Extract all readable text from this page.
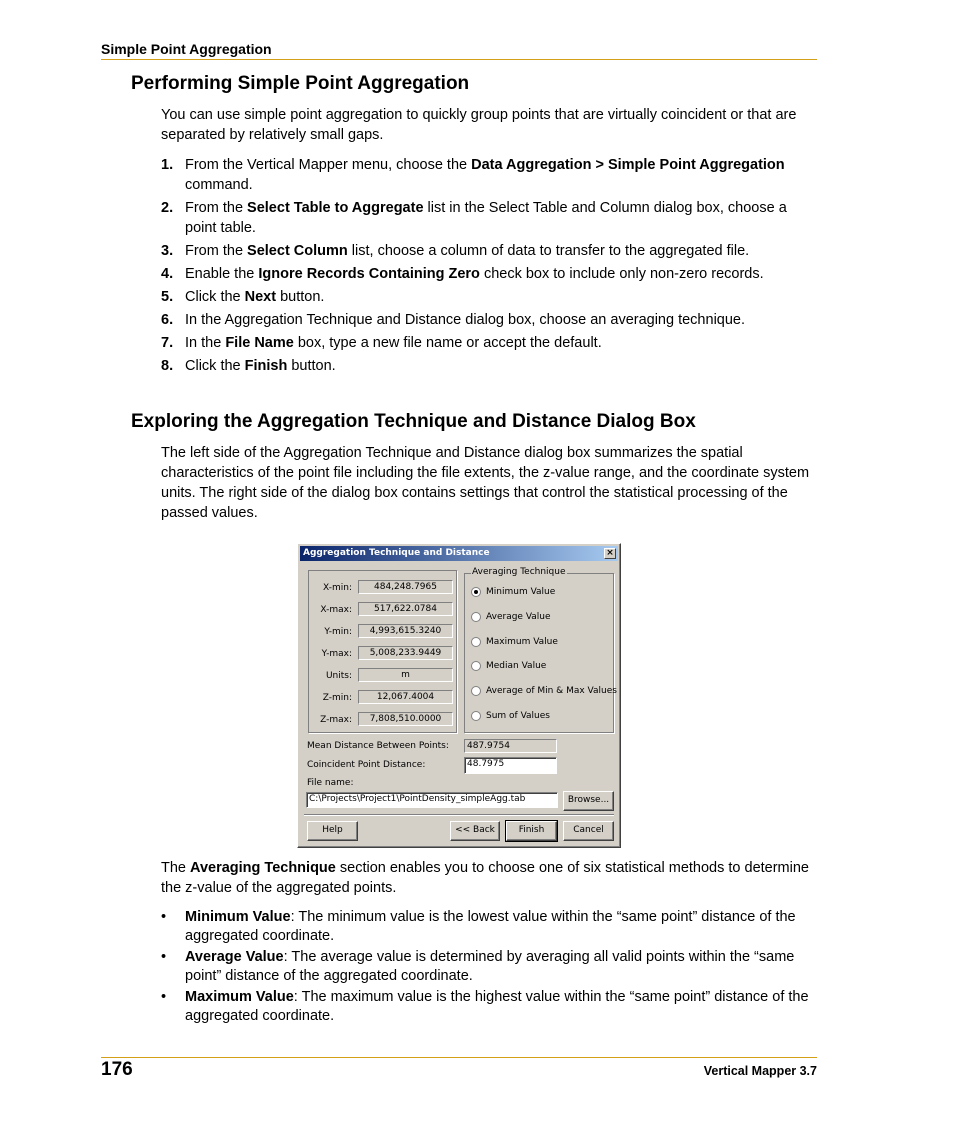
Simple Point Aggregation
Performing Simple Point Aggregation

You can use simple point aggregation to quickly group points that are virtually coincident or that are separated by relatively small gaps.

1. From the Vertical Mapper menu, choose the Data Aggregation > Simple Point Aggregation command.
2. From the Select Table to Aggregate list in the Select Table and Column dialog box, choose a point table.
3. From the Select Column list, choose a column of data to transfer to the aggregated file.
4. Enable the Ignore Records Containing Zero check box to include only non-zero records.
5. Click the Next button.
6. In the Aggregation Technique and Distance dialog box, choose an averaging technique.
7. In the File Name box, type a new file name or accept the default.
8. Click the Finish button.
Exploring the Aggregation Technique and Distance Dialog Box

The left side of the Aggregation Technique and Distance dialog box summarizes the spatial characteristics of the point file including the file extents, the z-value range, and the coordinate system units. The right side of the dialog box contains settings that control the statistical processing of the passed values.

Aggregation Technique and Distance	×
X-min:	484,248.7965
X-max:	517,622.0784
Y-min:	4,993,615.3240
Y-max:	5,008,233.9449
Units:	m
Z-min:	12,067.4004
Z-max:	7,808,510.0000
Averaging Technique
Minimum Value
Average Value
Maximum Value
Median Value
Average of Min & Max Values
Sum of Values
Mean Distance Between Points:	487.9754
Coincident Point Distance:	48.7975
File name:
C:\Projects\Project1\PointDensity_simpleAgg.tab	Browse...
Help	<< Back	Finish	Cancel

The Averaging Technique section enables you to choose one of six statistical methods to determine the z-value of the aggregated points.

• Minimum Value: The minimum value is the lowest value within the “same point” distance of the aggregated coordinate.
• Average Value: The average value is determined by averaging all valid points within the “same point” distance of the aggregated coordinate.
• Maximum Value: The maximum value is the highest value within the “same point” distance of the aggregated coordinate.
176	Vertical Mapper 3.7
